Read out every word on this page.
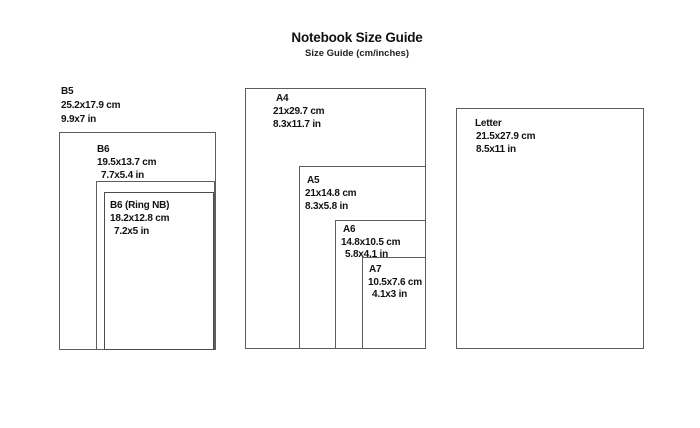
Notebook Size Guide
Size Guide (cm/inches)
B5
25.2x17.9 cm
9.9x7 in
B6
19.5x13.7 cm
7.7x5.4 in
B6 (Ring NB)
18.2x12.8 cm
7.2x5 in
A4
21x29.7 cm
8.3x11.7 in
A5
21x14.8 cm
8.3x5.8 in
A6
14.8x10.5 cm
5.8x4.1 in
A7
10.5x7.6 cm
4.1x3 in
Letter
21.5x27.9 cm
8.5x11 in
